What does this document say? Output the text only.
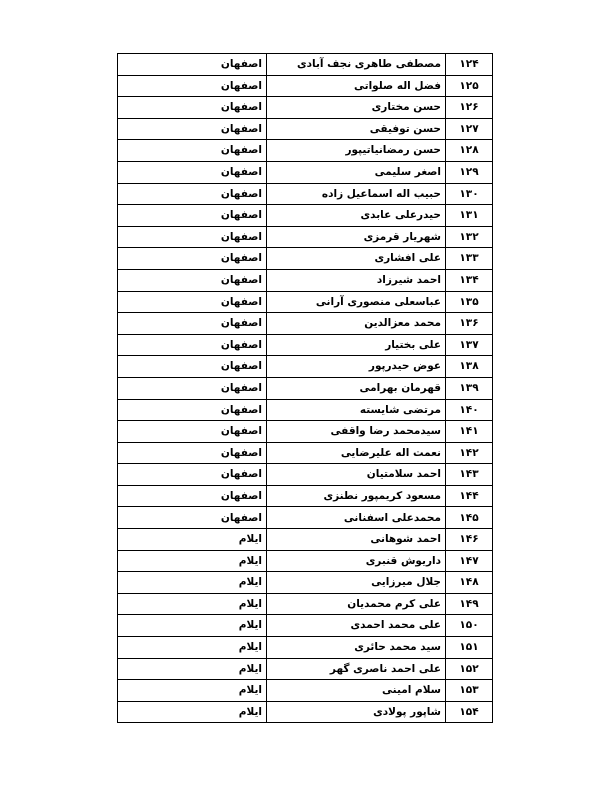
۱۲۴	مصطفی طاهری نجف آبادی	اصفهان
۱۲۵	فضل اله صلواتی	اصفهان
۱۲۶	حسن مختاری	اصفهان
۱۲۷	حسن توفیقی	اصفهان
۱۲۸	حسن رمضانیاتیپور	اصفهان
۱۲۹	اصغر سلیمی	اصفهان
۱۳۰	حبیب اله اسماعیل زاده	اصفهان
۱۳۱	حیدرعلی عابدی	اصفهان
۱۳۲	شهریار قرمزی	اصفهان
۱۳۳	علی افشاری	اصفهان
۱۳۴	احمد شیرزاد	اصفهان
۱۳۵	عباسعلی منصوری آرانی	اصفهان
۱۳۶	محمد معزالدین	اصفهان
۱۳۷	علی بختیار	اصفهان
۱۳۸	عوض حیدرپور	اصفهان
۱۳۹	قهرمان بهرامی	اصفهان
۱۴۰	مرتضی شایسته	اصفهان
۱۴۱	سیدمحمد رضا واقفی	اصفهان
۱۴۲	نعمت اله علیرضایی	اصفهان
۱۴۳	احمد سلامتیان	اصفهان
۱۴۴	مسعود کریمپور نطنزی	اصفهان
۱۴۵	محمدعلی اسفنانی	اصفهان
۱۴۶	احمد شوهانی	ایلام
۱۴۷	داریوش قنبری	ایلام
۱۴۸	جلال میرزایی	ایلام
۱۴۹	علی کرم محمدیان	ایلام
۱۵۰	علی محمد احمدی	ایلام
۱۵۱	سید محمد حائری	ایلام
۱۵۲	علی احمد ناصری گهر	ایلام
۱۵۳	سلام امینی	ایلام
۱۵۴	شاپور پولادی	ایلام
